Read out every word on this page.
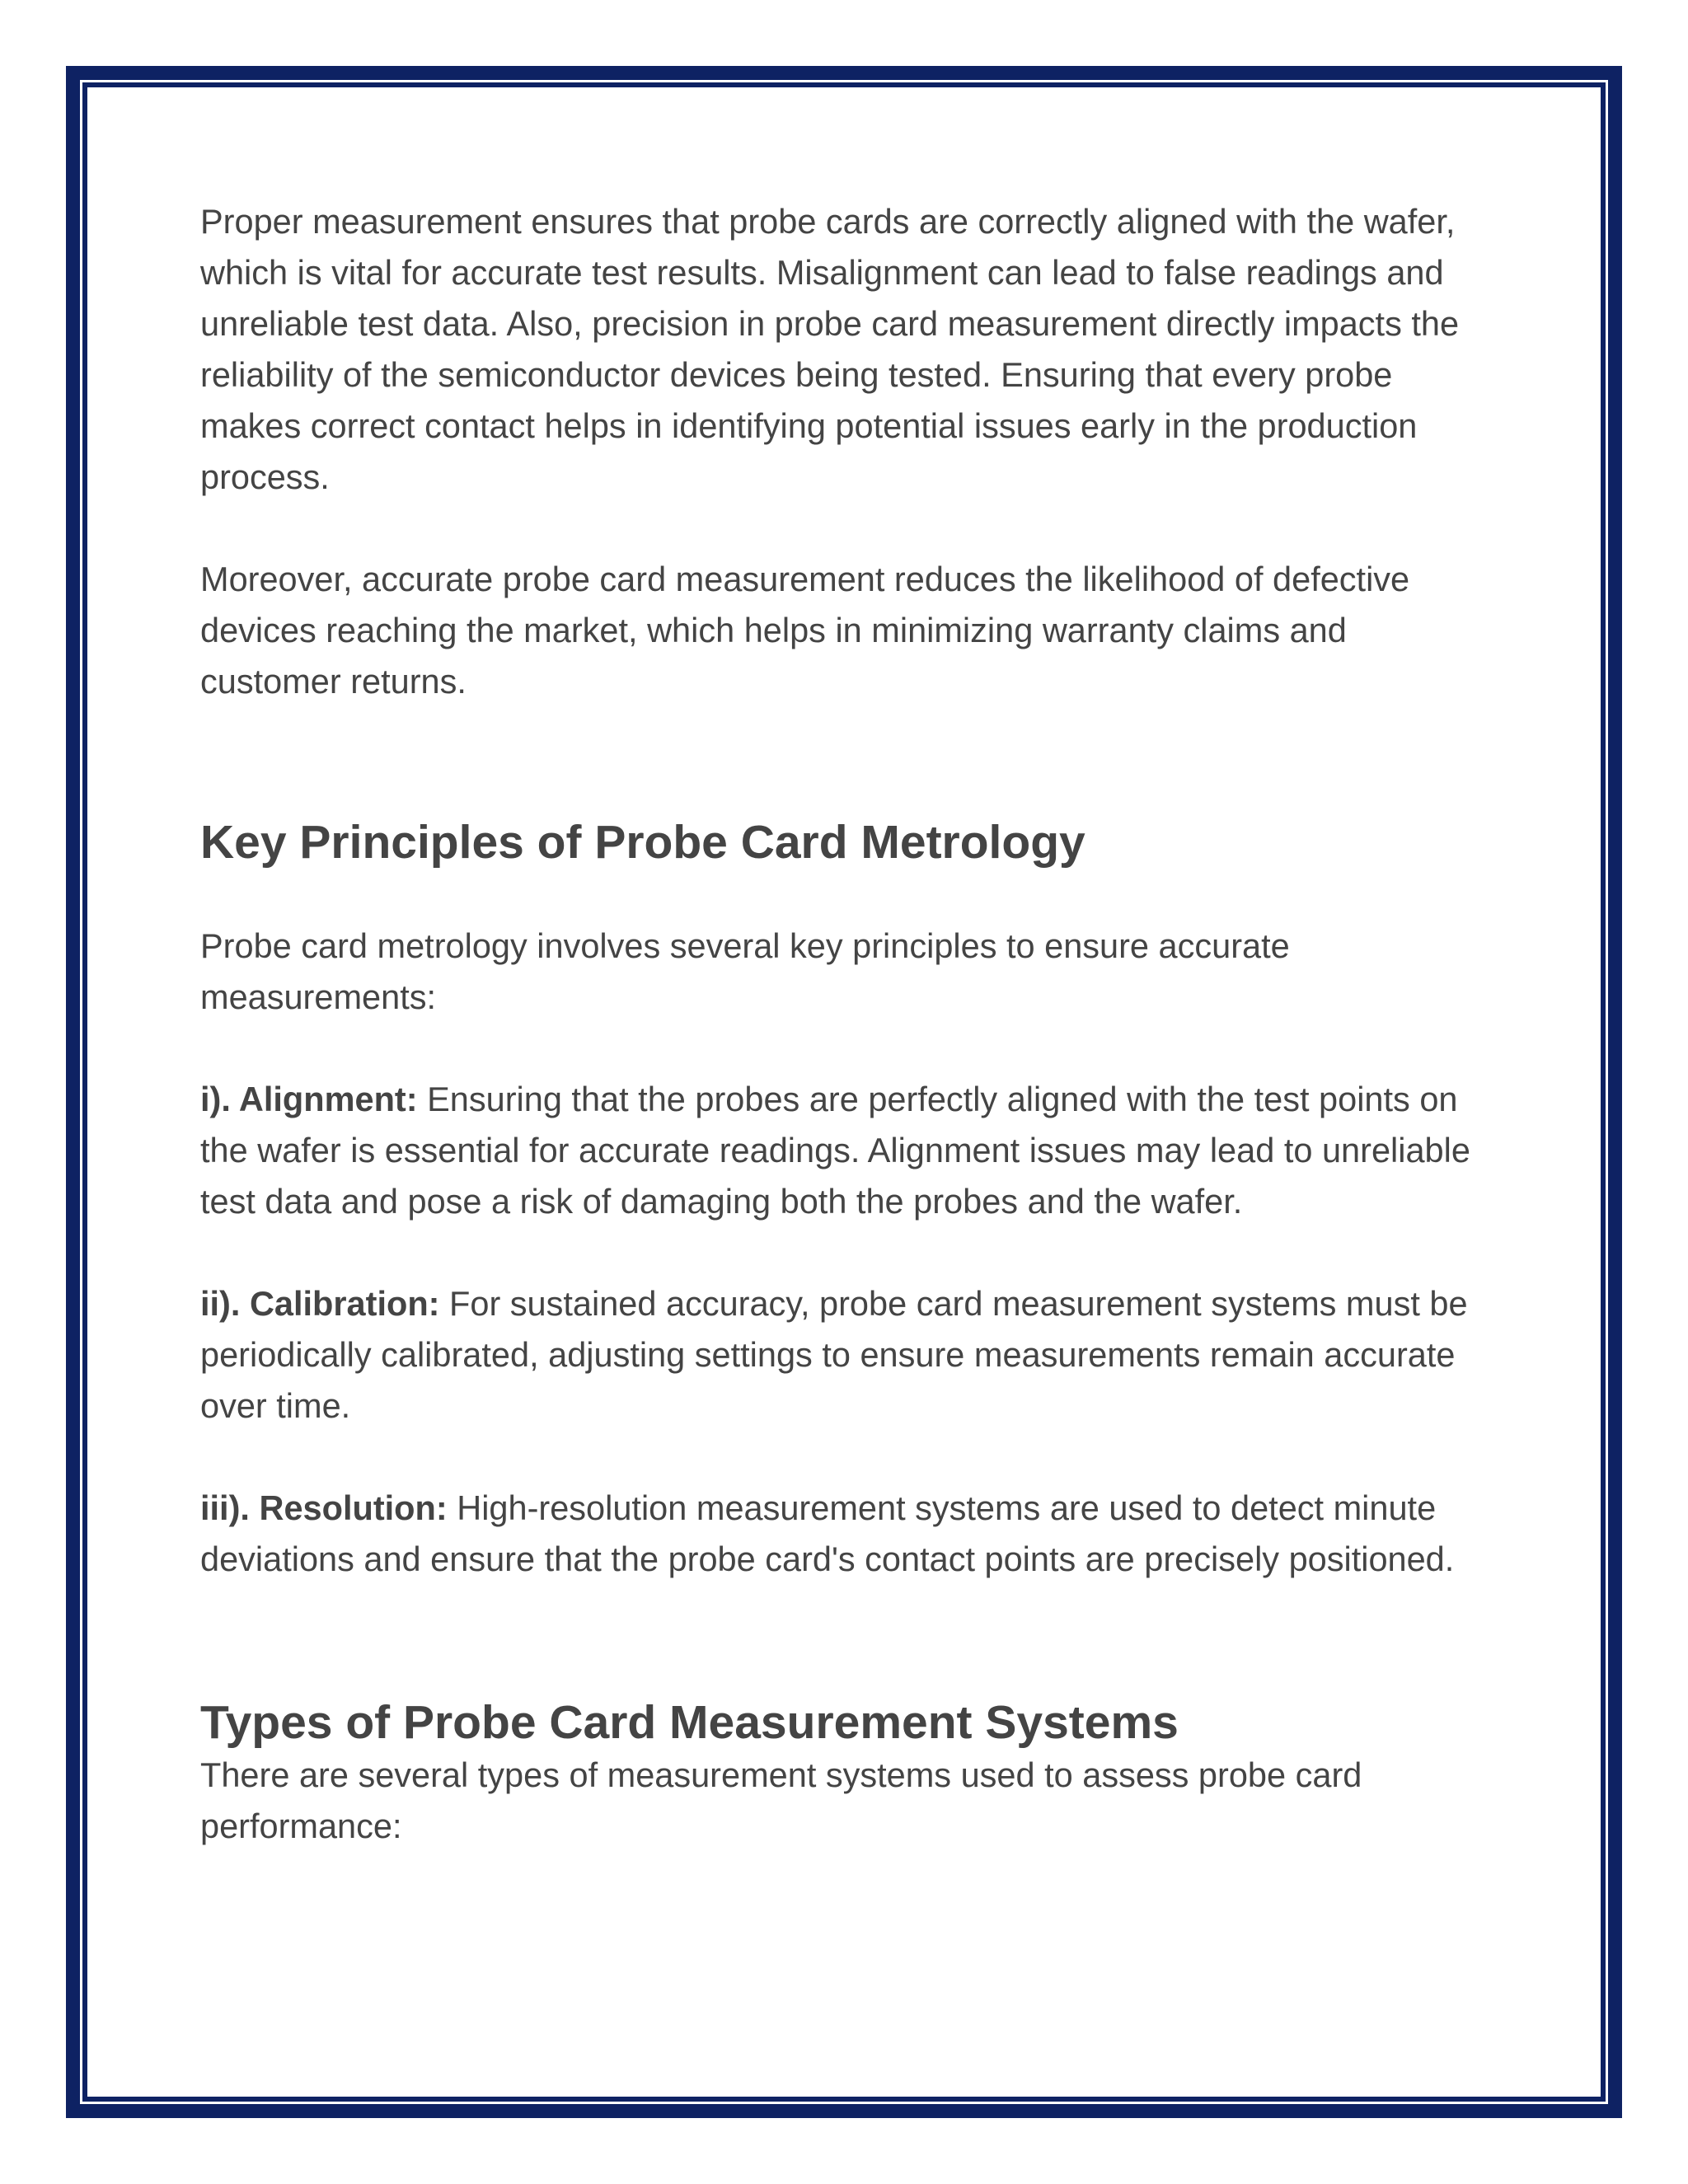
Proper measurement ensures that probe cards are correctly aligned with the wafer, which is vital for accurate test results. Misalignment can lead to false readings and unreliable test data. Also, precision in probe card measurement directly impacts the reliability of the semiconductor devices being tested. Ensuring that every probe makes correct contact helps in identifying potential issues early in the production process.

Moreover, accurate probe card measurement reduces the likelihood of defective devices reaching the market, which helps in minimizing warranty claims and customer returns.

Key Principles of Probe Card Metrology

Probe card metrology involves several key principles to ensure accurate measurements:

i). Alignment: Ensuring that the probes are perfectly aligned with the test points on the wafer is essential for accurate readings. Alignment issues may lead to unreliable test data and pose a risk of damaging both the probes and the wafer.

ii). Calibration: For sustained accuracy, probe card measurement systems must be periodically calibrated, adjusting settings to ensure measurements remain accurate over time.

iii). Resolution: High-resolution measurement systems are used to detect minute deviations and ensure that the probe card's contact points are precisely positioned.

Types of Probe Card Measurement Systems

There are several types of measurement systems used to assess probe card performance:
